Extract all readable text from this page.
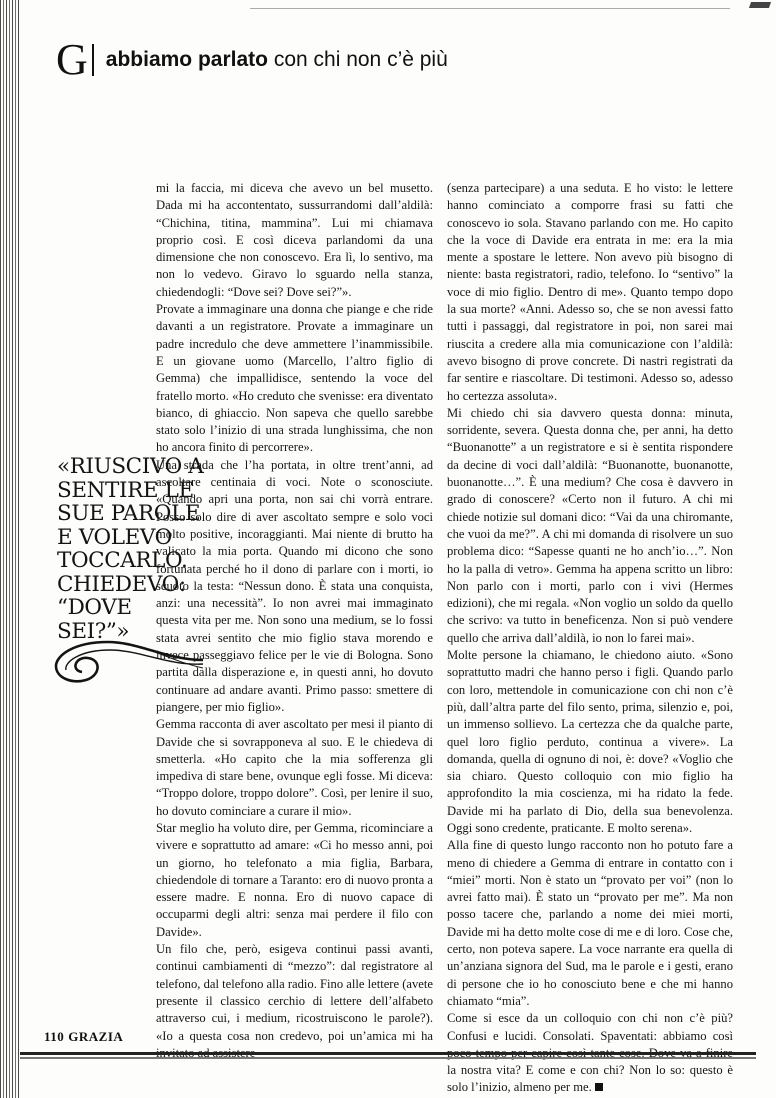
G abbiamo parlato con chi non c’è più

mi la faccia, mi diceva che avevo un bel musetto. Dada mi ha accontentato, sussurrandomi dall’aldilà: “Chichina, titina, mammina”. Lui mi chiamava proprio così. E così diceva parlandomi da una dimensione che non conoscevo. Era lì, lo sentivo, ma non lo vedevo. Giravo lo sguardo nella stanza, chiedendogli: “Dove sei? Dove sei?”».

Provate a immaginare una donna che piange e che ride davanti a un registratore. Provate a immaginare un padre incredulo che deve ammettere l’inammissibile. E un giovane uomo (Marcello, l’altro figlio di Gemma) che impallidisce, sentendo la voce del fratello morto. «Ho creduto che svenisse: era diventato bianco, di ghiaccio. Non sapeva che quello sarebbe stato solo l’inizio di una strada lunghissima, che non ho ancora finito di percorrere».

Una strada che l’ha portata, in oltre trent’anni, ad ascoltare centinaia di voci. Note o sconosciute. «Quando apri una porta, non sai chi vorrà entrare. Posso solo dire di aver ascoltato sempre e solo voci molto positive, incoraggianti. Mai niente di brutto ha valicato la mia porta. Quando mi dicono che sono fortunata perché ho il dono di parlare con i morti, io scuoto la testa: “Nessun dono. È stata una conquista, anzi: una necessità”. Io non avrei mai immaginato questa vita per me. Non sono una medium, se lo fossi stata avrei sentito che mio figlio stava morendo e invece passeggiavo felice per le vie di Bologna. Sono partita dalla disperazione e, in questi anni, ho dovuto continuare ad andare avanti. Primo passo: smettere di piangere, per mio figlio».

Gemma racconta di aver ascoltato per mesi il pianto di Davide che si sovrapponeva al suo. E le chiedeva di smetterla. «Ho capito che la mia sofferenza gli impediva di stare bene, ovunque egli fosse. Mi diceva: “Troppo dolore, troppo dolore”. Così, per lenire il suo, ho dovuto cominciare a curare il mio».

Star meglio ha voluto dire, per Gemma, ricominciare a vivere e soprattutto ad amare: «Ci ho messo anni, poi un giorno, ho telefonato a mia figlia, Barbara, chiedendole di tornare a Taranto: ero di nuovo pronta a essere madre. E nonna. Ero di nuovo capace di occuparmi degli altri: senza mai perdere il filo con Davide».

Un filo che, però, esigeva continui passi avanti, continui cambiamenti di “mezzo”: dal registratore al telefono, dal telefono alla radio. Fino alle lettere (avete presente il classico cerchio di lettere dell’alfabeto attraverso cui, i medium, ricostruiscono le parole?). «Io a questa cosa non credevo, poi un’amica mi ha

«RIUSCIVO A SENTIRE LE SUE PAROLE E VOLEVO TOCCARLO. CHIEDEVO: “DOVE SEI?”»

(senza partecipare) a una seduta. E ho visto: le lettere hanno cominciato a comporre frasi su fatti che conoscevo io sola. Stavano parlando con me. Ho capito che la voce di Davide era entrata in me: era la mia mente a spostare le lettere. Non avevo più bisogno di niente: basta registratori, radio, telefono. Io “sentivo” la voce di mio figlio. Dentro di me». Quanto tempo dopo la sua morte? «Anni. Adesso so, che se non avessi fatto tutti i passaggi, dal registratore in poi, non sarei mai riuscita a credere alla mia comunicazione con l’aldilà: avevo bisogno di prove concrete. Di nastri registrati da far sentire e riascoltare. Di testimoni. Adesso so, adesso ho certezza assoluta».

Mi chiedo chi sia davvero questa donna: minuta, sorridente, severa. Questa donna che, per anni, ha detto “Buonanotte” a un registratore e si è sentita rispondere da decine di voci dall’aldilà: “Buonanotte, buonanotte, buonanotte…”. È una medium? Che cosa è davvero in grado di conoscere? «Certo non il futuro. A chi mi chiede notizie sul domani dico: “Vai da una chiromante, che vuoi da me?”. A chi mi domanda di risolvere un suo problema dico: “Sapesse quanti ne ho anch’io…”. Non ho la palla di vetro». Gemma ha appena scritto un libro: Non parlo con i morti, parlo con i vivi (Hermes edizioni), che mi regala. «Non voglio un soldo da quello che scrivo: va tutto in beneficenza. Non si può vendere quello che arriva dall’aldilà, io non lo farei mai».

Molte persone la chiamano, le chiedono aiuto. «Sono soprattutto madri che hanno perso i figli. Quando parlo con loro, mettendole in comunicazione con chi non c’è più, dall’altra parte del filo sento, prima, silenzio e, poi, un immenso sollievo. La certezza che da qualche parte, quel loro figlio perduto, continua a vivere». La domanda, quella di ognuno di noi, è: dove? «Voglio che sia chiaro. Questo colloquio con mio figlio ha approfondito la mia coscienza, mi ha ridato la fede. Davide mi ha parlato di Dio, della sua benevolenza. Oggi sono credente, praticante. E molto serena».

Alla fine di questo lungo racconto non ho potuto fare a meno di chiedere a Gemma di entrare in contatto con i “miei” morti. Non è stato un “provato per voi” (non lo avrei fatto mai). È stato un “provato per me”. Ma non posso tacere che, parlando a nome dei miei morti, Davide mi ha detto molte cose di me e di loro. Cose che, certo, non poteva sapere. La voce narrante era quella di un’anziana signora del Sud, ma le parole e i gesti, erano di persone che io ho conosciuto bene e che mi hanno chiamato “mia”.

Come si esce da un colloquio con chi non c’è più? Confusi e lucidi. Consolati. Spaventati: abbiamo così la nostra vita? E come e con chi? Non lo so: questo è solo l’inizio, almeno per me.

110 GRAZIA
